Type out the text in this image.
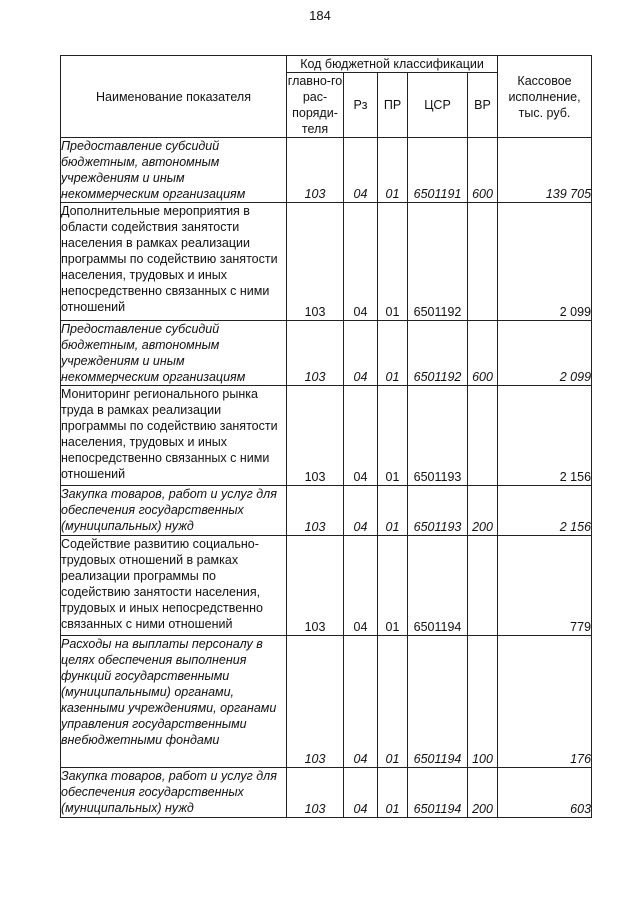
184
Наименование показателя	Код бюджетной классификации					Кассовое исполнение, тыс. руб.
	главно-го рас-поряди-теля	Рз	ПР	ЦСР	ВР	
Предоставление субсидий бюджетным, автономным учреждениям и иным некоммерческим организациям	103	04	01	6501191	600	139 705
Дополнительные мероприятия в области содействия занятости населения в рамках реализации программы по содействию занятости населения, трудовых и иных непосредственно связанных с ними отношений	103	04	01	6501192		2 099
Предоставление субсидий бюджетным, автономным учреждениям и иным некоммерческим организациям	103	04	01	6501192	600	2 099
Мониторинг регионального рынка труда в рамках реализации программы по содействию занятости населения, трудовых и иных непосредственно связанных с ними отношений	103	04	01	6501193		2 156
Закупка товаров, работ и услуг для обеспечения государственных (муниципальных) нужд	103	04	01	6501193	200	2 156
Содействие развитию социально-трудовых отношений в рамках реализации программы по содействию занятости населения, трудовых и иных непосредственно связанных с ними отношений	103	04	01	6501194		779
Расходы на выплаты персоналу в целях обеспечения выполнения функций государственными (муниципальными) органами, казенными учреждениями, органами управления государственными внебюджетными фондами	103	04	01	6501194	100	176
Закупка товаров, работ и услуг для обеспечения государственных (муниципальных) нужд	103	04	01	6501194	200	603
